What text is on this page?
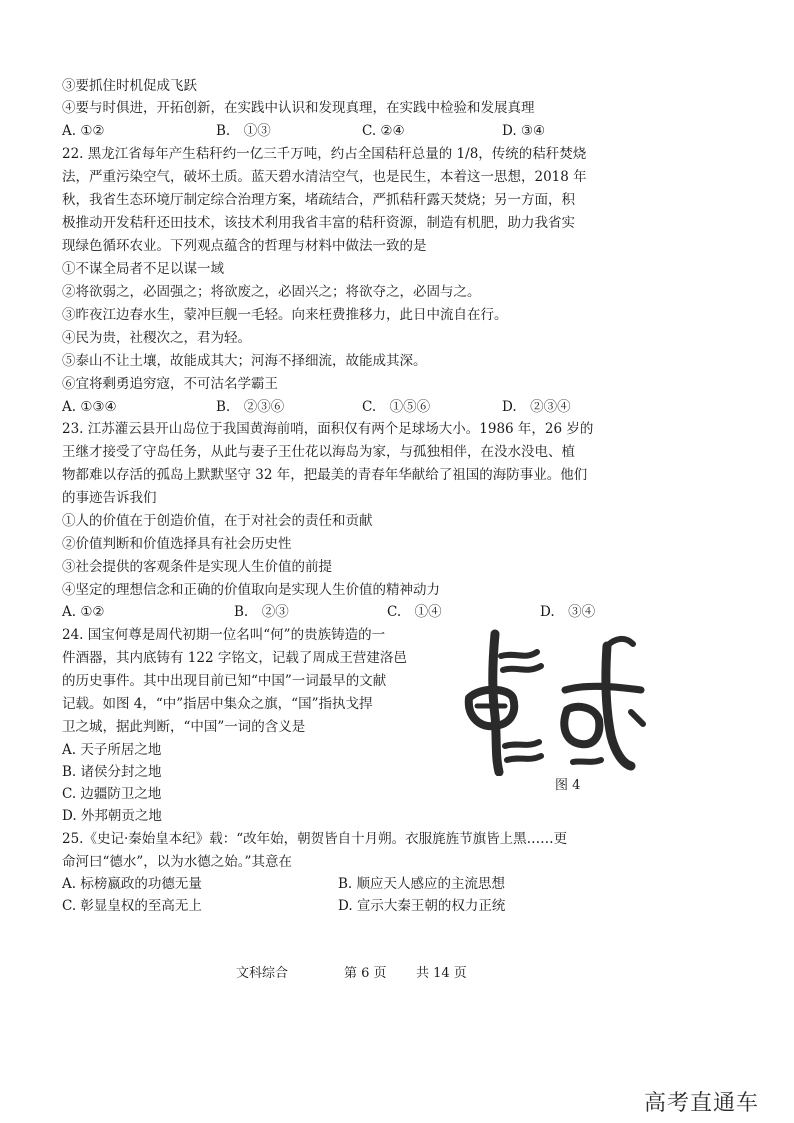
③要抓住时机促成飞跃
④要与时俱进，开拓创新，在实践中认识和发现真理，在实践中检验和发展真理
A. ①②	B.　①③	C. ②④	D. ③④
22. 黑龙江省每年产生秸秆约一亿三千万吨，约占全国秸秆总量的 1/8，传统的秸秆焚烧
法，严重污染空气，破坏土质。蓝天碧水清洁空气，也是民生，本着这一思想，2018 年
秋，我省生态环境厅制定综合治理方案，堵疏结合，严抓秸秆露天焚烧；另一方面，积
极推动开发秸秆还田技术，该技术利用我省丰富的秸秆资源，制造有机肥，助力我省实
现绿色循环农业。下列观点蕴含的哲理与材料中做法一致的是
①不谋全局者不足以谋一域
②将欲弱之，必固强之；将欲废之，必固兴之；将欲夺之，必固与之。
③昨夜江边春水生，蒙冲巨舰一毛轻。向来枉费推移力，此日中流自在行。
④民为贵，社稷次之，君为轻。
⑤泰山不让土壤，故能成其大；河海不择细流，故能成其深。
⑥宜将剩勇追穷寇，不可沽名学霸王
A. ①③④	B.　②③⑥	C.　①⑤⑥	D.　②③④
23. 江苏灌云县开山岛位于我国黄海前哨，面积仅有两个足球场大小。1986 年，26 岁的
王继才接受了守岛任务，从此与妻子王仕花以海岛为家，与孤独相伴，在没水没电、植
物都难以存活的孤岛上默默坚守 32 年，把最美的青春年华献给了祖国的海防事业。他们
的事迹告诉我们
①人的价值在于创造价值，在于对社会的责任和贡献
②价值判断和价值选择具有社会历史性
③社会提供的客观条件是实现人生价值的前提
④坚定的理想信念和正确的价值取向是实现人生价值的精神动力
A. ①②	B.　②③	C.　①④	D.　③④
24. 国宝何尊是周代初期一位名叫“何”的贵族铸造的一
件酒器，其内底铸有 122 字铭文，记载了周成王营建洛邑
的历史事件。其中出现目前已知“中国”一词最早的文献
记载。如图 4，“中”指居中集众之旗，“国”指执戈捍
卫之城，据此判断，“中国”一词的含义是
A. 天子所居之地
B. 诸侯分封之地
C. 边疆防卫之地
D. 外邦朝贡之地
图 4
25.《史记·秦始皇本纪》载：“改年始，朝贺皆自十月朔。衣服旄旌节旗皆上黑……更
命河曰“德水”，以为水德之始。”其意在
A. 标榜嬴政的功德无量	B. 顺应天人感应的主流思想
C. 彰显皇权的至高无上	D. 宣示大秦王朝的权力正统
文科综合	第 6 页 共 14 页
高考直通车
